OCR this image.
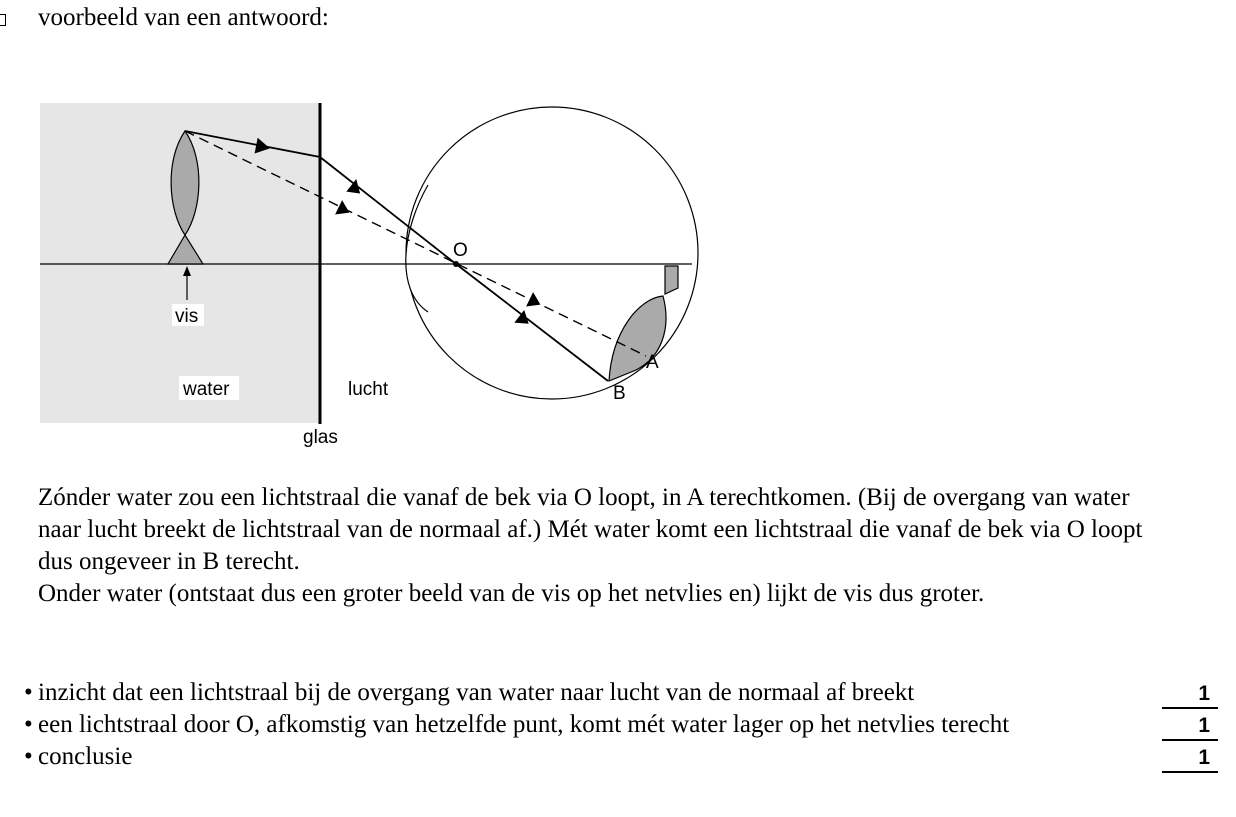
voorbeeld van een antwoord:
O
vis
water	lucht
glas
A
B

Zónder water zou een lichtstraal die vanaf de bek via O loopt, in A terechtkomen. (Bij de overgang van water naar lucht breekt de lichtstraal van de normaal af.) Mét water komt een lichtstraal die vanaf de bek via O loopt dus ongeveer in B terecht.

Onder water (ontstaat dus een groter beeld van de vis op het netvlies en) lijkt de vis dus groter.

• inzicht dat een lichtstraal bij de overgang van water naar lucht van de normaal af breekt	1
• een lichtstraal door O, afkomstig van hetzelfde punt, komt mét water lager op het netvlies terecht	1
• conclusie	1
